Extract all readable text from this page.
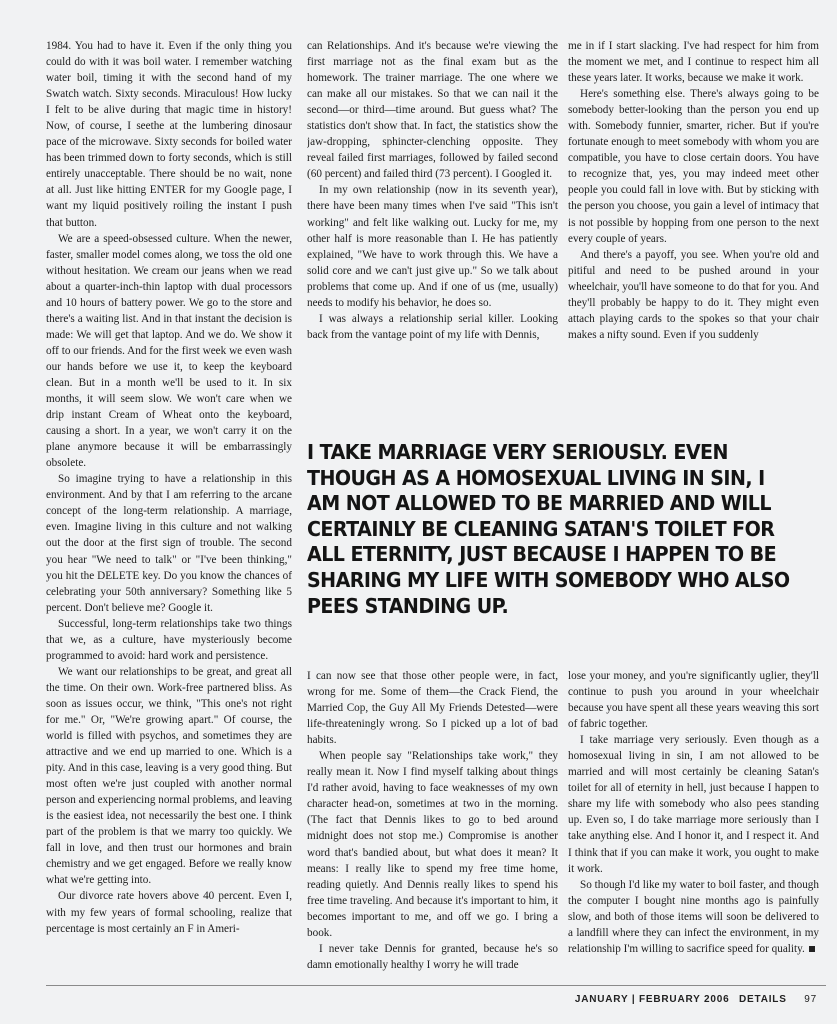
1984. You had to have it. Even if the only thing you could do with it was boil water. I remember watching water boil, timing it with the second hand of my Swatch watch. Sixty seconds. Miraculous! How lucky I felt to be alive during that magic time in history! Now, of course, I seethe at the lumbering dinosaur pace of the microwave. Sixty seconds for boiled water has been trimmed down to forty seconds, which is still entirely unacceptable. There should be no wait, none at all. Just like hitting ENTER for my Google page, I want my liquid positively roiling the instant I push that button.

We are a speed-obsessed culture. When the newer, faster, smaller model comes along, we toss the old one without hesitation. We cream our jeans when we read about a quarter-inch-thin laptop with dual processors and 10 hours of battery power. We go to the store and there's a waiting list. And in that instant the decision is made: We will get that laptop. And we do. We show it off to our friends. And for the first week we even wash our hands before we use it, to keep the keyboard clean. But in a month we'll be used to it. In six months, it will seem slow. We won't care when we drip instant Cream of Wheat onto the keyboard, causing a short. In a year, we won't carry it on the plane anymore because it will be embarrassingly obsolete.

So imagine trying to have a relationship in this environment. And by that I am referring to the arcane concept of the long-term relationship. A marriage, even. Imagine living in this culture and not walking out the door at the first sign of trouble. The second you hear "We need to talk" or "I've been thinking," you hit the DELETE key. Do you know the chances of celebrating your 50th anniversary? Something like 5 percent. Don't believe me? Google it.

Successful, long-term relationships take two things that we, as a culture, have mysteriously become programmed to avoid: hard work and persistence.

We want our relationships to be great, and great all the time. On their own. Work-free partnered bliss. As soon as issues occur, we think, "This one's not right for me." Or, "We're growing apart." Of course, the world is filled with psychos, and sometimes they are attractive and we end up married to one. Which is a pity. And in this case, leaving is a very good thing. But most often we're just coupled with another normal person and experiencing normal problems, and leaving is the easiest idea, not necessarily the best one. I think part of the problem is that we marry too quickly. We fall in love, and then trust our hormones and brain chemistry and we get engaged. Before we really know what we're getting into.

Our divorce rate hovers above 40 percent. Even I, with my few years of formal schooling, realize that percentage is most certainly an F in Ameri-

can Relationships. And it's because we're viewing the first marriage not as the final exam but as the homework. The trainer marriage. The one where we can make all our mistakes. So that we can nail it the second—or third—time around. But guess what? The statistics don't show that. In fact, the statistics show the jaw-dropping, sphincter-clenching opposite. They reveal failed first marriages, followed by failed second (60 percent) and failed third (73 percent). I Googled it.

In my own relationship (now in its seventh year), there have been many times when I've said "This isn't working" and felt like walking out. Lucky for me, my other half is more reasonable than I. He has patiently explained, "We have to work through this. We have a solid core and we can't just give up." So we talk about problems that come up. And if one of us (me, usually) needs to modify his behavior, he does so.

I was always a relationship serial killer. Looking back from the vantage point of my life with Dennis,

me in if I start slacking. I've had respect for him from the moment we met, and I continue to respect him all these years later. It works, because we make it work.

Here's something else. There's always going to be somebody better-looking than the person you end up with. Somebody funnier, smarter, richer. But if you're fortunate enough to meet somebody with whom you are compatible, you have to close certain doors. You have to recognize that, yes, you may indeed meet other people you could fall in love with. But by sticking with the person you choose, you gain a level of intimacy that is not possible by hopping from one person to the next every couple of years.

And there's a payoff, you see. When you're old and pitiful and need to be pushed around in your wheelchair, you'll have someone to do that for you. And they'll probably be happy to do it. They might even attach playing cards to the spokes so that your chair makes a nifty sound. Even if you suddenly

I TAKE MARRIAGE VERY SERIOUSLY. EVEN THOUGH AS A HOMOSEXUAL LIVING IN SIN, I AM NOT ALLOWED TO BE MARRIED AND WILL CERTAINLY BE CLEANING SATAN'S TOILET FOR ALL ETERNITY, JUST BECAUSE I HAPPEN TO BE SHARING MY LIFE WITH SOMEBODY WHO ALSO PEES STANDING UP.

I can now see that those other people were, in fact, wrong for me. Some of them—the Crack Fiend, the Married Cop, the Guy All My Friends Detested—were life-threateningly wrong. So I picked up a lot of bad habits.

When people say "Relationships take work," they really mean it. Now I find myself talking about things I'd rather avoid, having to face weaknesses of my own character head-on, sometimes at two in the morning. (The fact that Dennis likes to go to bed around midnight does not stop me.) Compromise is another word that's bandied about, but what does it mean? It means: I really like to spend my free time home, reading quietly. And Dennis really likes to spend his free time traveling. And because it's important to him, it becomes important to me, and off we go. I bring a book.

I never take Dennis for granted, because he's so damn emotionally healthy I worry he will trade

lose your money, and you're significantly uglier, they'll continue to push you around in your wheelchair because you have spent all these years weaving this sort of fabric together.

I take marriage very seriously. Even though as a homosexual living in sin, I am not allowed to be married and will most certainly be cleaning Satan's toilet for all of eternity in hell, just because I happen to share my life with somebody who also pees standing up. Even so, I do take marriage more seriously than I take anything else. And I honor it, and I respect it. And I think that if you can make it work, you ought to make it work.

So though I'd like my water to boil faster, and though the computer I bought nine months ago is painfully slow, and both of those items will soon be delivered to a landfill where they can infect the environment, in my relationship I'm willing to sacrifice speed for quality.

JANUARY | FEBRUARY 2006 DETAILS 97
